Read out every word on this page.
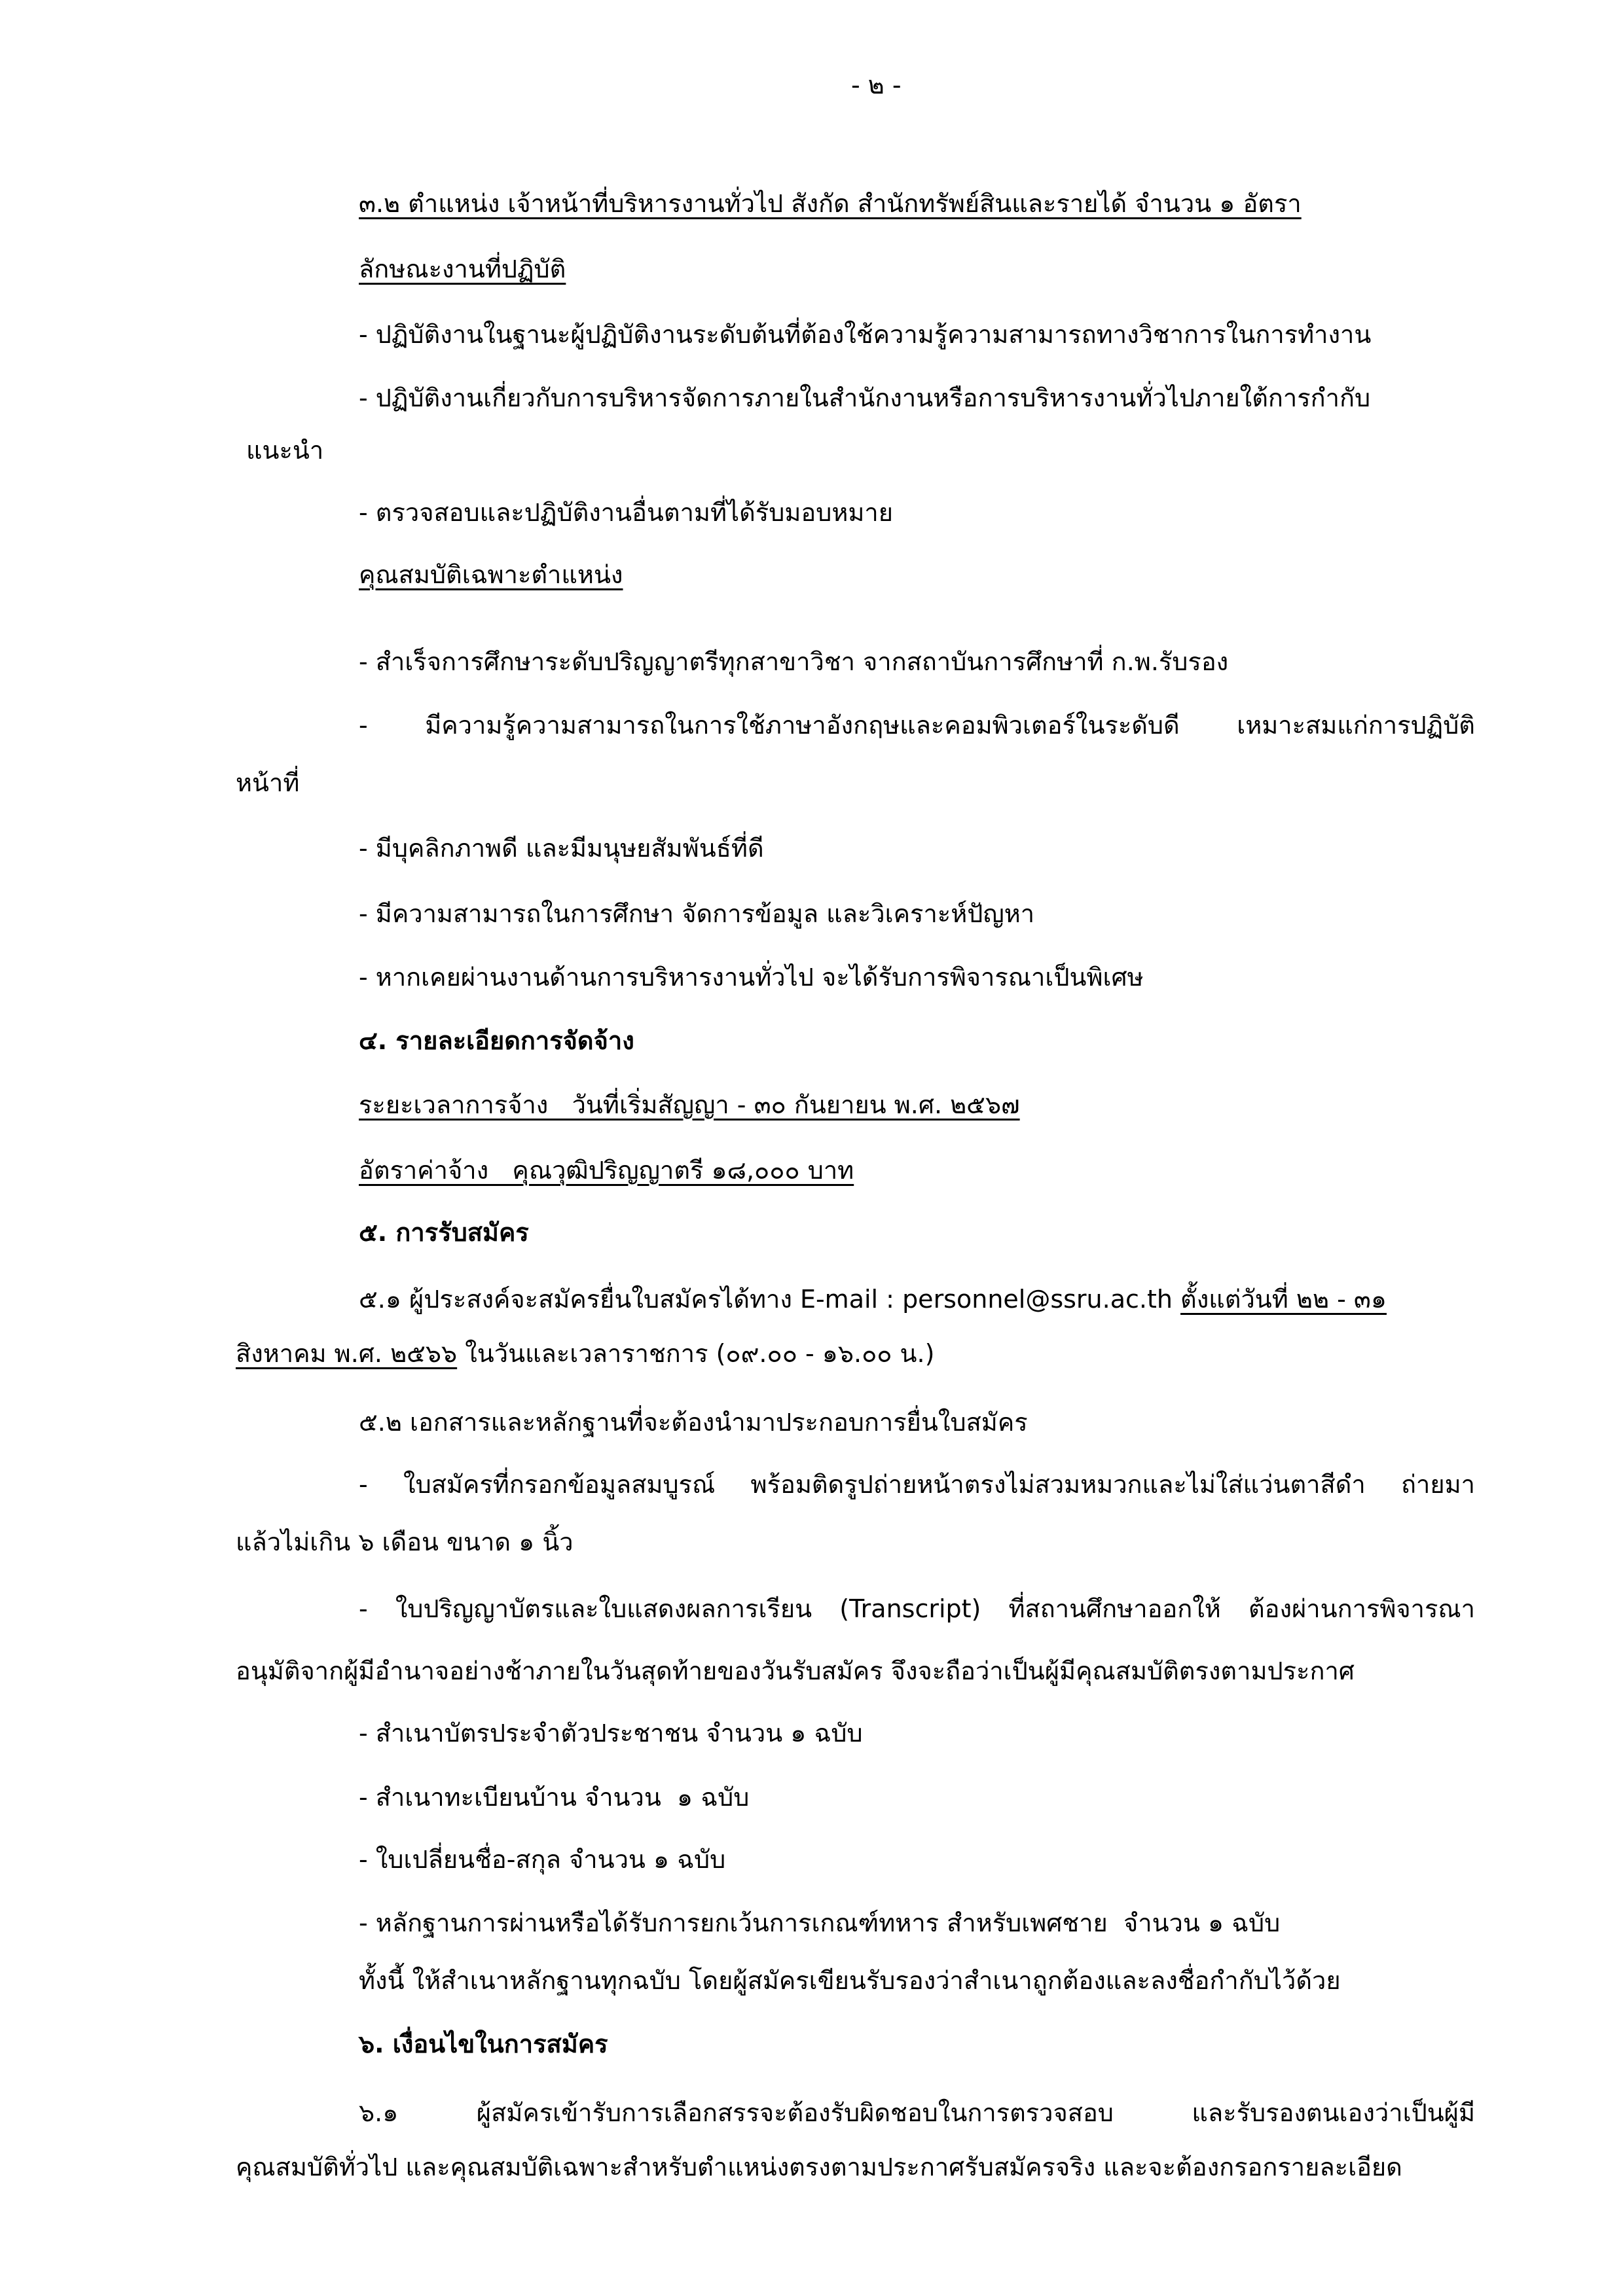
- ๒ -
๓.๒ ตำแหน่ง เจ้าหน้าที่บริหารงานทั่วไป สังกัด สำนักทรัพย์สินและรายได้ จำนวน ๑ อัตรา
ลักษณะงานที่ปฏิบัติ
- ปฏิบัติงานในฐานะผู้ปฏิบัติงานระดับต้นที่ต้องใช้ความรู้ความสามารถทางวิชาการในการทำงาน
- ปฏิบัติงานเกี่ยวกับการบริหารจัดการภายในสำนักงานหรือการบริหารงานทั่วไปภายใต้การกำกับ
แนะนำ
- ตรวจสอบและปฏิบัติงานอื่นตามที่ได้รับมอบหมาย
คุณสมบัติเฉพาะตำแหน่ง
- สำเร็จการศึกษาระดับปริญญาตรีทุกสาขาวิชา จากสถาบันการศึกษาที่ ก.พ.รับรอง
- มีความรู้ความสามารถในการใช้ภาษาอังกฤษและคอมพิวเตอร์ในระดับดี เหมาะสมแก่การปฏิบัติ
หน้าที่
- มีบุคลิกภาพดี และมีมนุษยสัมพันธ์ที่ดี
- มีความสามารถในการศึกษา จัดการข้อมูล และวิเคราะห์ปัญหา
- หากเคยผ่านงานด้านการบริหารงานทั่วไป จะได้รับการพิจารณาเป็นพิเศษ
๔. รายละเอียดการจัดจ้าง
ระยะเวลาการจ้าง   วันที่เริ่มสัญญา - ๓๐ กันยายน พ.ศ. ๒๕๖๗
อัตราค่าจ้าง   คุณวุฒิปริญญาตรี ๑๘,๐๐๐ บาท
๕. การรับสมัคร
๕.๑ ผู้ประสงค์จะสมัครยื่นใบสมัครได้ทาง E-mail : personnel@ssru.ac.th ตั้งแต่วันที่ ๒๒ - ๓๑
สิงหาคม พ.ศ. ๒๕๖๖ ในวันและเวลาราชการ (๐๙.๐๐ - ๑๖.๐๐ น.)
๕.๒ เอกสารและหลักฐานที่จะต้องนำมาประกอบการยื่นใบสมัคร
- ใบสมัครที่กรอกข้อมูลสมบูรณ์ พร้อมติดรูปถ่ายหน้าตรงไม่สวมหมวกและไม่ใส่แว่นตาสีดำ ถ่ายมา
แล้วไม่เกิน ๖ เดือน ขนาด ๑ นิ้ว
- ใบปริญญาบัตรและใบแสดงผลการเรียน (Transcript) ที่สถานศึกษาออกให้ ต้องผ่านการพิจารณา
อนุมัติจากผู้มีอำนาจอย่างช้าภายในวันสุดท้ายของวันรับสมัคร จึงจะถือว่าเป็นผู้มีคุณสมบัติตรงตามประกาศ
- สำเนาบัตรประจำตัวประชาชน จำนวน ๑ ฉบับ
- สำเนาทะเบียนบ้าน จำนวน  ๑ ฉบับ
- ใบเปลี่ยนชื่อ-สกุล จำนวน ๑ ฉบับ
- หลักฐานการผ่านหรือได้รับการยกเว้นการเกณฑ์ทหาร สำหรับเพศชาย  จำนวน ๑ ฉบับ
ทั้งนี้ ให้สำเนาหลักฐานทุกฉบับ โดยผู้สมัครเขียนรับรองว่าสำเนาถูกต้องและลงชื่อกำกับไว้ด้วย
๖. เงื่อนไขในการสมัคร
๖.๑ ผู้สมัครเข้ารับการเลือกสรรจะต้องรับผิดชอบในการตรวจสอบ และรับรองตนเองว่าเป็นผู้มี
คุณสมบัติทั่วไป และคุณสมบัติเฉพาะสำหรับตำแหน่งตรงตามประกาศรับสมัครจริง และจะต้องกรอกรายละเอียด
